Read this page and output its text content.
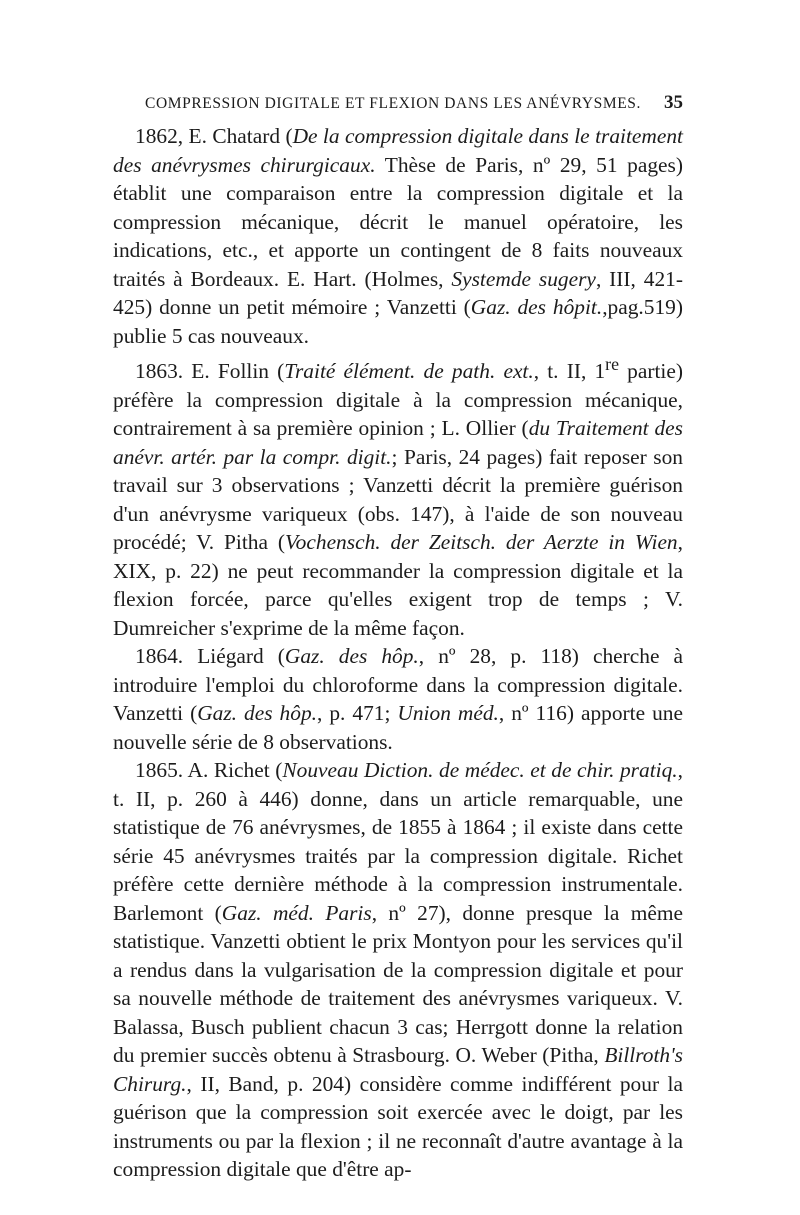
COMPRESSION DIGITALE ET FLEXION DANS LES ANÉVRYSMES. 35

1862, E. Chatard (De la compression digitale dans le traitement des anévrysmes chirurgicaux. Thèse de Paris, nº 29, 51 pages) établit une comparaison entre la compression digitale et la compression mécanique, décrit le manuel opératoire, les indications, etc., et apporte un contingent de 8 faits nouveaux traités à Bordeaux. E. Hart. (Holmes, Systemde sugery, III, 421-425) donne un petit mémoire ; Vanzetti (Gaz. des hôpit.,pag.519) publie 5 cas nouveaux.

1863. E. Follin (Traité élément. de path. ext., t. II, 1re partie) préfère la compression digitale à la compression mécanique, contrairement à sa première opinion ; L. Ollier (du Traitement des anévr. artér. par la compr. digit.; Paris, 24 pages) fait reposer son travail sur 3 observations ; Vanzetti décrit la première guérison d'un anévrysme variqueux (obs. 147), à l'aide de son nouveau procédé; V. Pitha (Vochensch. der Zeitsch. der Aerzte in Wien, XIX, p. 22) ne peut recommander la compression digitale et la flexion forcée, parce qu'elles exigent trop de temps ; V. Dumreicher s'exprime de la même façon.

1864. Liégard (Gaz. des hôp., nº 28, p. 118) cherche à introduire l'emploi du chloroforme dans la compression digitale. Vanzetti (Gaz. des hôp., p. 471; Union méd., nº 116) apporte une nouvelle série de 8 observations.

1865. A. Richet (Nouveau Diction. de médec. et de chir. pratiq., t. II, p. 260 à 446) donne, dans un article remarquable, une statistique de 76 anévrysmes, de 1855 à 1864 ; il existe dans cette série 45 anévrysmes traités par la compression digitale. Richet préfère cette dernière méthode à la compression instrumentale. Barlemont (Gaz. méd. Paris, nº 27), donne presque la même statistique. Vanzetti obtient le prix Montyon pour les services qu'il a rendus dans la vulgarisation de la compression digitale et pour sa nouvelle méthode de traitement des anévrysmes variqueux. V. Balassa, Busch publient chacun 3 cas; Herrgott donne la relation du premier succès obtenu à Strasbourg. O. Weber (Pitha, Billroth's Chirurg., II, Band, p. 204) considère comme indifférent pour la guérison que la compression soit exercée avec le doigt, par les instruments ou par la flexion ; il ne reconnaît d'autre avantage à la compression digitale que d'être ap-
